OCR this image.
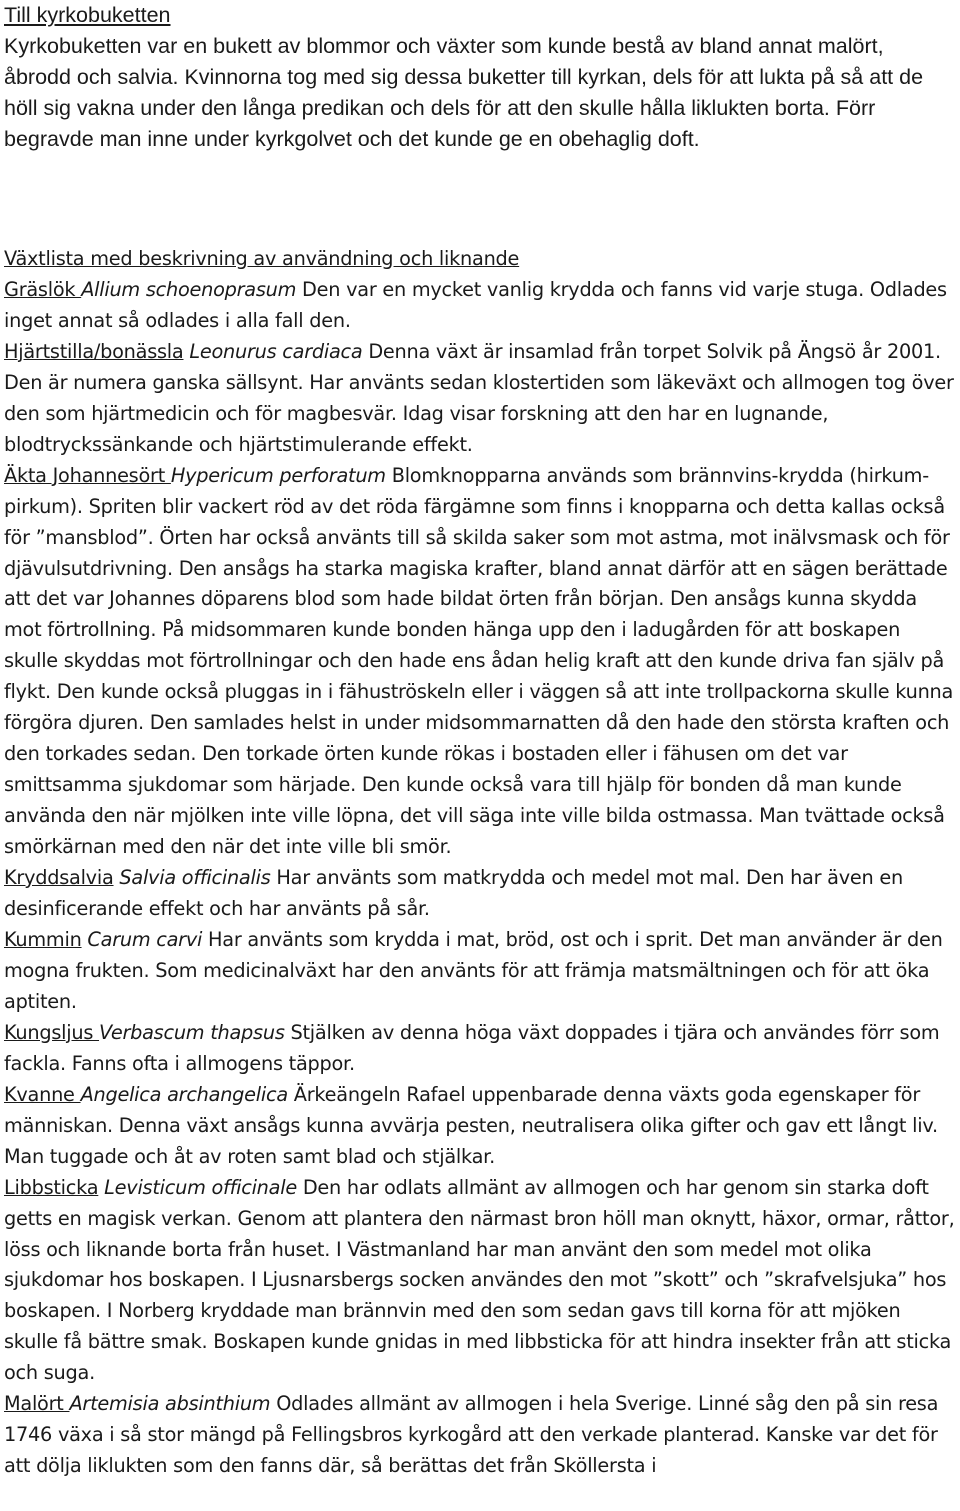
Till kyrkobuketten

Kyrkobuketten var en bukett av blommor och växter som kunde bestå av bland annat malört, åbrodd och salvia. Kvinnorna tog med sig dessa buketter till kyrkan, dels för att lukta på så att de höll sig vakna under den långa predikan och dels för att den skulle hålla liklukten borta. Förr begravde man inne under kyrkgolvet och det kunde ge en obehaglig doft.

Växtlista med beskrivning av användning och liknande

Gräslök Allium schoenoprasum Den var en mycket vanlig krydda och fanns vid varje stuga. Odlades inget annat så odlades i alla fall den.

Hjärtstilla/bonässla Leonurus cardiaca Denna växt är insamlad från torpet Solvik på Ängsö år 2001. Den är numera ganska sällsynt. Har använts sedan klostertiden som läkeväxt och allmogen tog över den som hjärtmedicin och för magbesvär. Idag visar forskning att den har en lugnande, blodtryckssänkande och hjärtstimulerande effekt.

Äkta Johannesört Hypericum perforatum Blomknopparna används som brännvins-krydda (hirkum-pirkum). Spriten blir vackert röd av det röda färgämne som finns i knopparna och detta kallas också för ”mansblod”. Örten har också använts till så skilda saker som mot astma, mot inälvsmask och för djävulsutdrivning. Den ansågs ha starka magiska krafter, bland annat därför att en sägen berättade att det var Johannes döparens blod som hade bildat örten från början. Den ansågs kunna skydda mot förtrollning. På midsommaren kunde bonden hänga upp den i ladugården för att boskapen skulle skyddas mot förtrollningar och den hade ens ådan helig kraft att den kunde driva fan själv på flykt. Den kunde också pluggas in i fähuströskeln eller i väggen så att inte trollpackorna skulle kunna förgöra djuren. Den samlades helst in under midsommarnatten då den hade den största kraften och den torkades sedan. Den torkade örten kunde rökas i bostaden eller i fähusen om det var smittsamma sjukdomar som härjade. Den kunde också vara till hjälp för bonden då man kunde använda den när mjölken inte ville löpna, det vill säga inte ville bilda ostmassa. Man tvättade också smörkärnan med den när det inte ville bli smör.

Kryddsalvia Salvia officinalis Har använts som matkrydda och medel mot mal. Den har även en desinficerande effekt och har använts på sår.

Kummin Carum carvi Har använts som krydda i mat, bröd, ost och i sprit. Det man använder är den mogna frukten. Som medicinalväxt har den använts för att främja matsmältningen och för att öka aptiten.

Kungsljus Verbascum thapsus Stjälken av denna höga växt doppades i tjära och användes förr som fackla. Fanns ofta i allmogens täppor.

Kvanne Angelica archangelica Ärkeängeln Rafael uppenbarade denna växts goda egenskaper för människan. Denna växt ansågs kunna avvärja pesten, neutralisera olika gifter och gav ett långt liv. Man tuggade och åt av roten samt blad och stjälkar.

Libbsticka Levisticum officinale Den har odlats allmänt av allmogen och har genom sin starka doft getts en magisk verkan. Genom att plantera den närmast bron höll man oknytt, häxor, ormar, råttor, löss och liknande borta från huset. I Västmanland har man använt den som medel mot olika sjukdomar hos boskapen. I Ljusnarsbergs socken användes den mot ”skott” och ”skrafvelsjuka” hos boskapen. I Norberg kryddade man brännvin med den som sedan gavs till korna för att mjöken skulle få bättre smak. Boskapen kunde gnidas in med libbsticka för att hindra insekter från att sticka och suga.

Malört Artemisia absinthium Odlades allmänt av allmogen i hela Sverige. Linné såg den på sin resa 1746 växa i så stor mängd på Fellingsbros kyrkogård att den verkade planterad. Kanske var det för att dölja liklukten som den fanns där, så berättas det från Sköllersta i
